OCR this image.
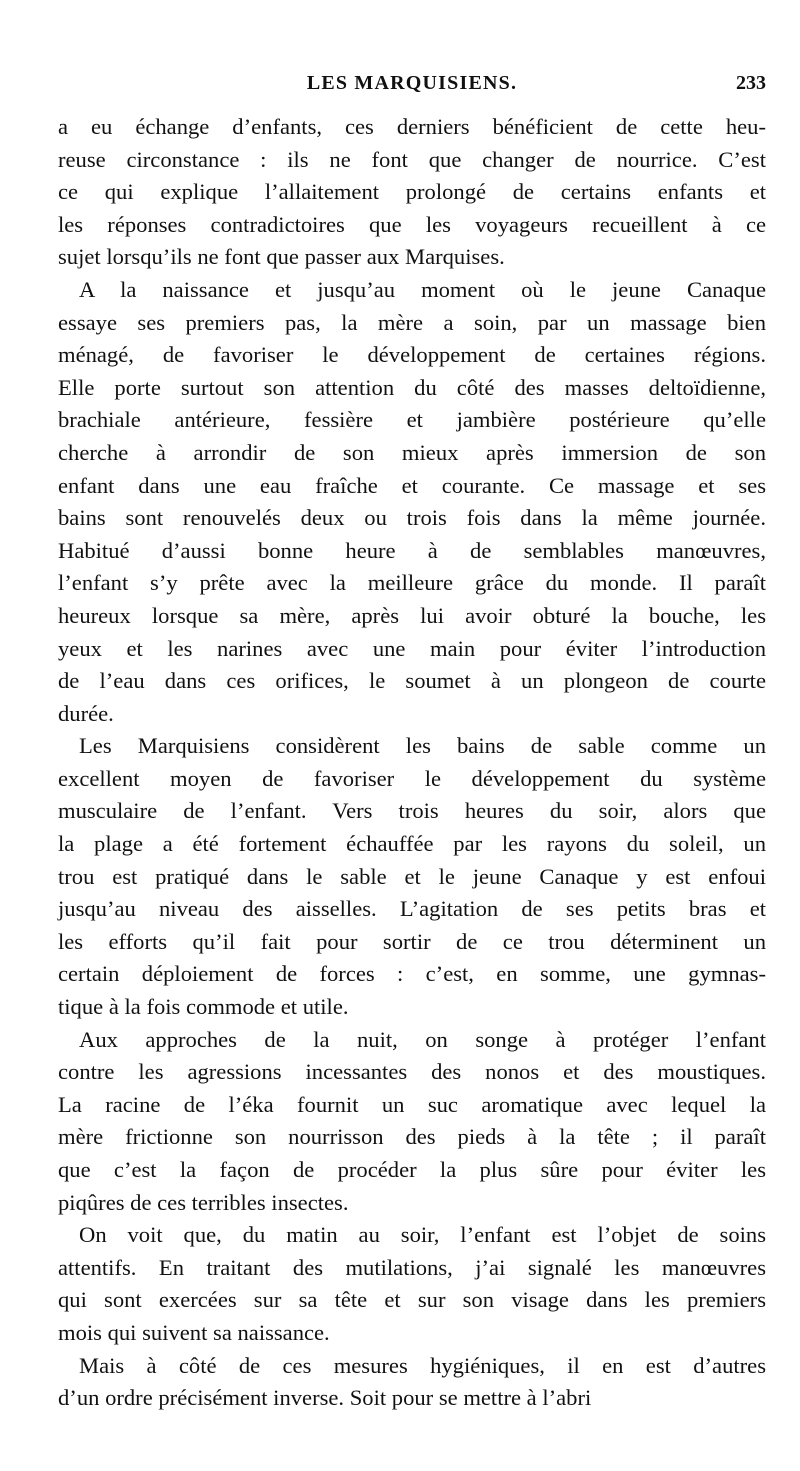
LES MARQUISIENS.	233
a eu échange d’enfants, ces derniers bénéficient de cette heu-
reuse circonstance : ils ne font que changer de nourrice. C’est
ce qui explique l’allaitement prolongé de certains enfants et
les réponses contradictoires que les voyageurs recueillent à ce
sujet lorsqu’ils ne font que passer aux Marquises.
A la naissance et jusqu’au moment où le jeune Canaque
essaye ses premiers pas, la mère a soin, par un massage bien
ménagé, de favoriser le développement de certaines régions.
Elle porte surtout son attention du côté des masses deltoïdienne,
brachiale antérieure, fessière et jambière postérieure qu’elle
cherche à arrondir de son mieux après immersion de son
enfant dans une eau fraîche et courante. Ce massage et ses
bains sont renouvelés deux ou trois fois dans la même journée.
Habitué d’aussi bonne heure à de semblables manœuvres,
l’enfant s’y prête avec la meilleure grâce du monde. Il paraît
heureux lorsque sa mère, après lui avoir obturé la bouche, les
yeux et les narines avec une main pour éviter l’introduction
de l’eau dans ces orifices, le soumet à un plongeon de courte
durée.
Les Marquisiens considèrent les bains de sable comme un
excellent moyen de favoriser le développement du système
musculaire de l’enfant. Vers trois heures du soir, alors que
la plage a été fortement échauffée par les rayons du soleil, un
trou est pratiqué dans le sable et le jeune Canaque y est enfoui
jusqu’au niveau des aisselles. L’agitation de ses petits bras et
les efforts qu’il fait pour sortir de ce trou déterminent un
certain déploiement de forces : c’est, en somme, une gymnas-
tique à la fois commode et utile.
Aux approches de la nuit, on songe à protéger l’enfant
contre les agressions incessantes des nonos et des moustiques.
La racine de l’éka fournit un suc aromatique avec lequel la
mère frictionne son nourrisson des pieds à la tête ; il paraît
que c’est la façon de procéder la plus sûre pour éviter les
piqûres de ces terribles insectes.
On voit que, du matin au soir, l’enfant est l’objet de soins
attentifs. En traitant des mutilations, j’ai signalé les manœuvres
qui sont exercées sur sa tête et sur son visage dans les premiers
mois qui suivent sa naissance.
Mais à côté de ces mesures hygiéniques, il en est d’autres
d’un ordre précisément inverse. Soit pour se mettre à l’abri
